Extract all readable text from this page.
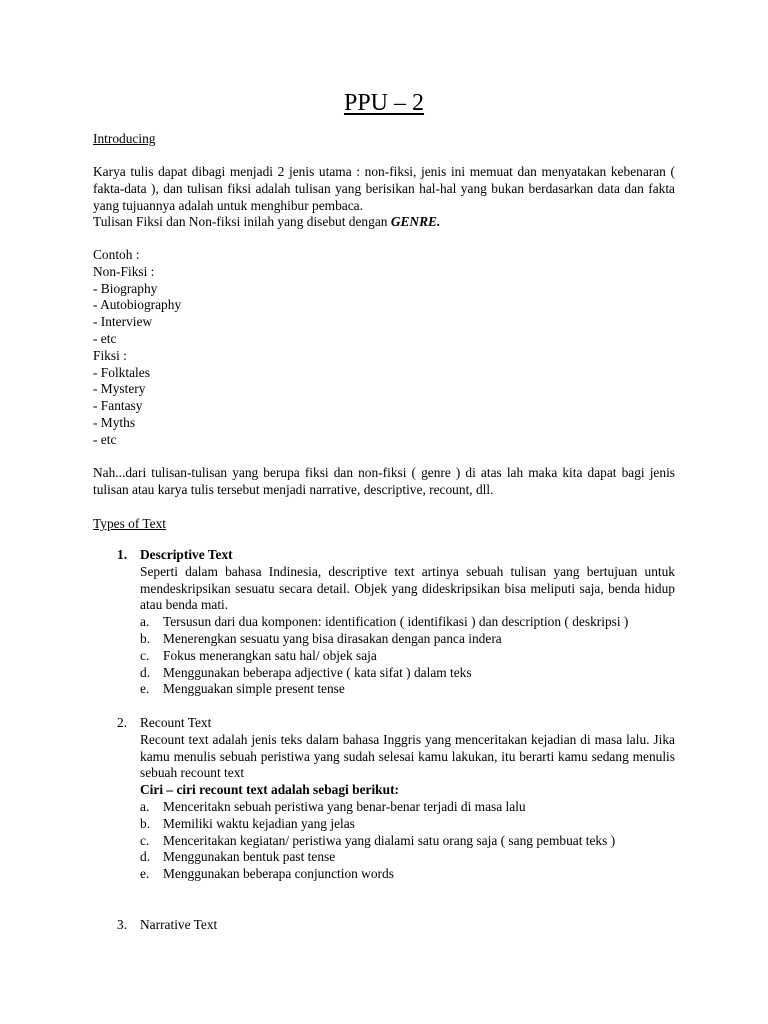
PPU – 2
Introducing
Karya tulis dapat dibagi menjadi 2 jenis utama : non-fiksi, jenis ini memuat dan menyatakan kebenaran ( fakta-data ), dan tulisan fiksi adalah tulisan yang berisikan hal-hal yang bukan berdasarkan data dan fakta yang tujuannya adalah untuk menghibur pembaca.
Tulisan Fiksi dan Non-fiksi inilah yang disebut dengan GENRE.
Contoh :
Non-Fiksi :
- Biography
- Autobiography
- Interview
- etc
Fiksi :
- Folktales
- Mystery
- Fantasy
- Myths
- etc
Nah...dari tulisan-tulisan yang berupa fiksi dan non-fiksi ( genre ) di atas lah maka kita dapat bagi jenis tulisan atau karya tulis tersebut menjadi narrative, descriptive, recount, dll.
Types of Text
1. Descriptive Text
Seperti dalam bahasa Indinesia, descriptive text artinya sebuah tulisan yang bertujuan untuk mendeskripsikan sesuatu secara detail. Objek yang dideskripsikan bisa meliputi saja, benda hidup atau benda mati.
a. Tersusun dari dua komponen: identification ( identifikasi ) dan description ( deskripsi )
b. Menerengkan sesuatu yang bisa dirasakan dengan panca indera
c. Fokus menerangkan satu hal/ objek saja
d. Menggunakan beberapa adjective ( kata sifat ) dalam teks
e. Mengguakan simple present tense
2. Recount Text
Recount text adalah jenis teks dalam bahasa Inggris yang menceritakan kejadian di masa lalu. Jika kamu menulis sebuah peristiwa yang sudah selesai kamu lakukan, itu berarti kamu sedang menulis sebuah recount text
Ciri – ciri recount text adalah sebagi berikut:
a. Menceritakn sebuah peristiwa yang benar-benar terjadi di masa lalu
b. Memiliki waktu kejadian yang jelas
c. Menceritakan kegiatan/ peristiwa yang dialami satu orang saja ( sang pembuat teks )
d. Menggunakan bentuk past tense
e. Menggunakan beberapa conjunction words
3. Narrative Text
